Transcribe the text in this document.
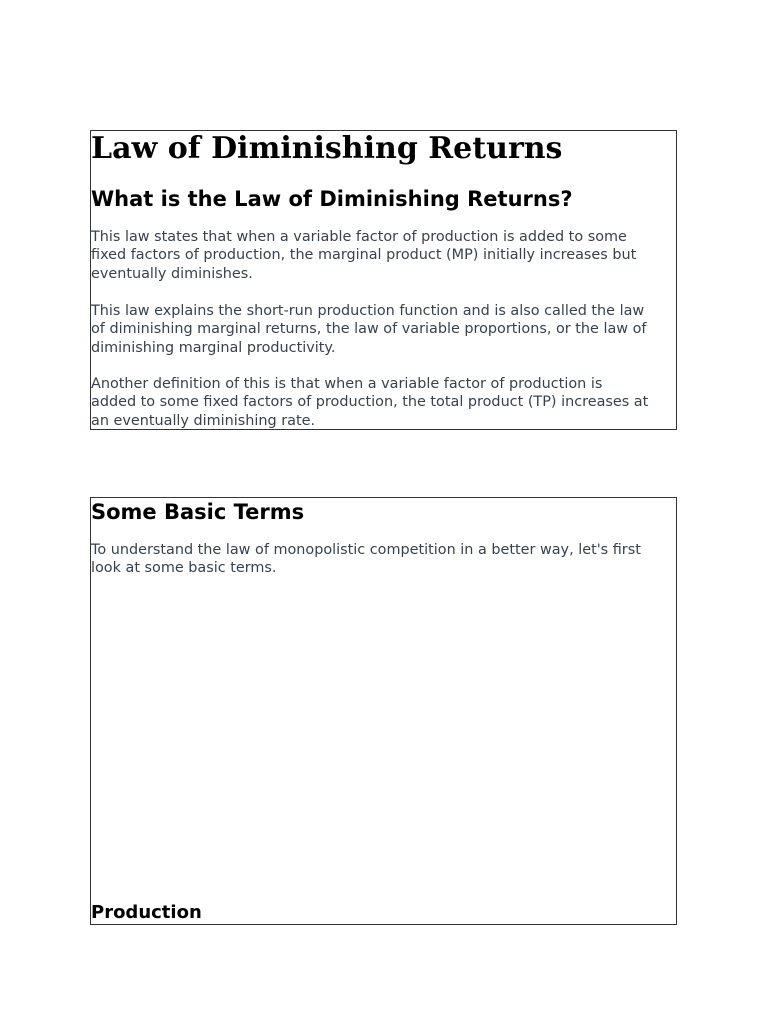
Law of Diminishing Returns
What is the Law of Diminishing Returns?

This law states that when a variable factor of production is added to some
fixed factors of production, the marginal product (MP) initially increases but
eventually diminishes.

This law explains the short-run production function and is also called the law
of diminishing marginal returns, the law of variable proportions, or the law of
diminishing marginal productivity.

Another definition of this is that when a variable factor of production is
added to some fixed factors of production, the total product (TP) increases at
an eventually diminishing rate.

Some Basic Terms

To understand the law of monopolistic competition in a better way, let's first
look at some basic terms.

Production
